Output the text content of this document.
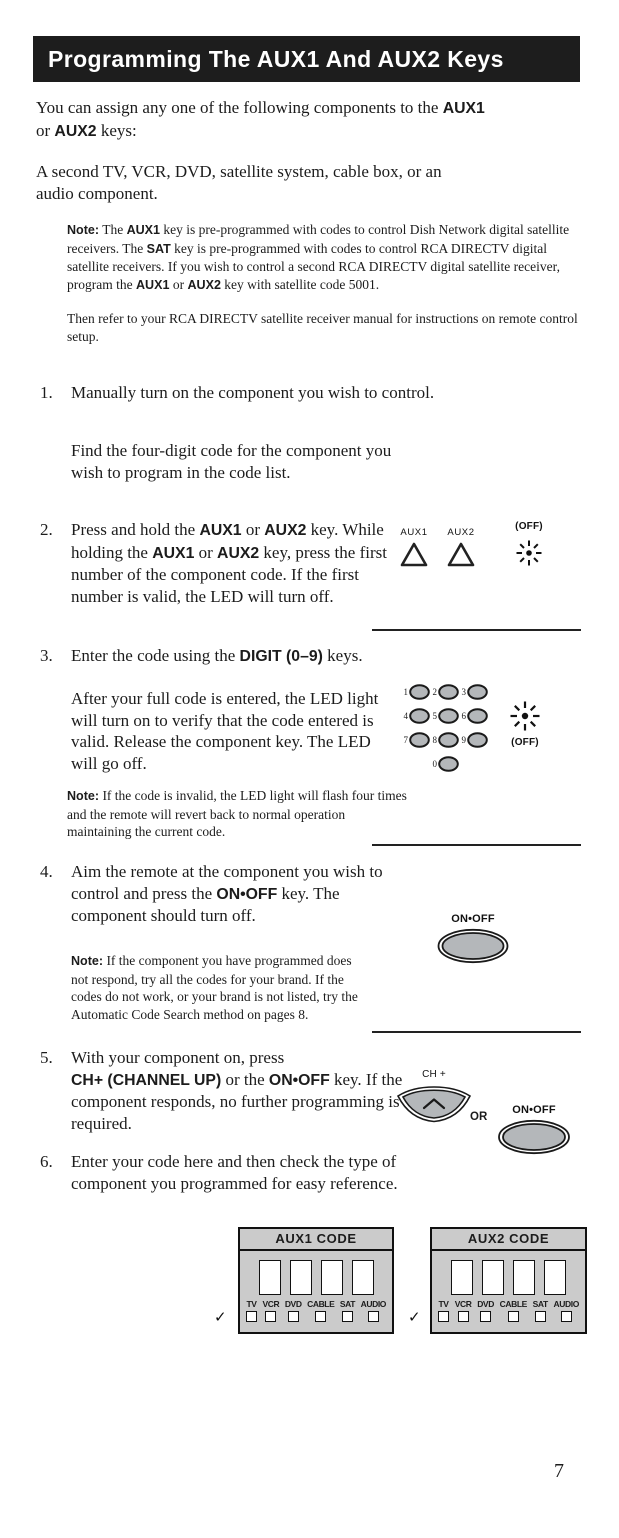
Programming The AUX1 And AUX2 Keys
You can assign any one of the following components to the AUX1
or AUX2 keys:
A second TV, VCR, DVD, satellite system, cable box, or an
audio component.
Note: The AUX1 key is pre-programmed with codes to control Dish Network digital satellite receivers. The SAT key is pre-programmed with codes to control RCA DIRECTV digital satellite receivers. If you wish to control a second RCA DIRECTV digital satellite receiver, program the AUX1 or AUX2 key with satellite code 5001.
Then refer to your RCA DIRECTV satellite receiver manual for instructions on remote control setup.
1. Manually turn on the component you wish to control.
Find the four-digit code for the component you wish to program in the code list.
2. Press and hold the AUX1 or AUX2 key. While holding the AUX1 or AUX2 key, press the first number of the component code. If the first number is valid, the LED will turn off.
AUX1 AUX2
(OFF)
3. Enter the code using the DIGIT (0–9) keys.
After your full code is entered, the LED light will turn on to verify that the code entered is valid. Release the component key. The LED will go off.
1	2	3
4	5	6
7	8	9
0
(OFF)
Note: If the code is invalid, the LED light will flash four times and the remote will revert back to normal operation maintaining the current code.
4. Aim the remote at the component you wish to control and press the ON•OFF key. The component should turn off.
Note: If the component you have programmed does not respond, try all the codes for your brand. If the codes do not work, or your brand is not listed, try the Automatic Code Search method on pages 8.
ON•OFF
5. With your component on, press
CH+ (CHANNEL UP) or the ON•OFF key. If the component responds, no further programming is required.
CH +
OR
ON•OFF
6. Enter your code here and then check the type of component you programmed for easy reference.
✓
AUX1 CODE
TV VCR DVD CABLE SAT AUDIO
✓
AUX2 CODE
TV VCR DVD CABLE SAT AUDIO
7
